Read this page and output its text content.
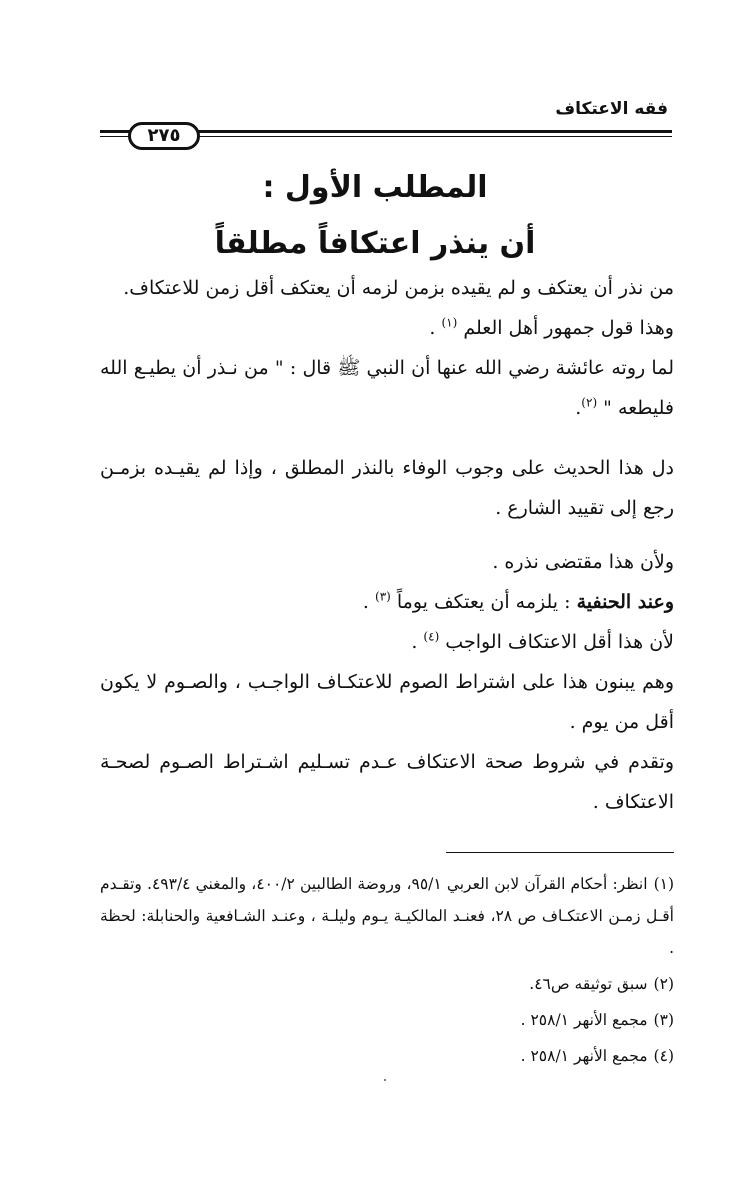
فقه الاعتكاف
٢٧٥
المطلب الأول :
أن ينذر اعتكافاً مطلقاً

من نذر أن يعتكف و لم يقيده بزمن لزمه أن يعتكف أقل زمن للاعتكاف.

وهذا قول جمهور أهل العلم $^{(١)}$ .

لما روته عائشة رضي الله عنها أن النبي ﷺ قال : " من نـذر أن يطيـع الله فليطعه " $^{(٢)}$.

دل هذا الحديث على وجوب الوفاء بالنذر المطلق ، وإذا لم يقيـده بزمـن رجع إلى تقييد الشارع .

ولأن هذا مقتضى نذره .

وعند الحنفية : يلزمه أن يعتكف يوماً $^{(٣)}$ .

لأن هذا أقل الاعتكاف الواجب $^{(٤)}$ .

وهم يبنون هذا على اشتراط الصوم للاعتكـاف الواجـب ، والصـوم لا يكون أقل من يوم .

وتقدم في شروط صحة الاعتكاف عـدم تسـليم اشـتراط الصـوم لصحـة الاعتكاف .

(١)انظر: أحكام القرآن لابن العربي ٩٥/١، وروضة الطالبين ٤٠٠/٢، والمغني ٤٩٣/٤. وتقـدم أقـل زمـن الاعتكـاف ص ٢٨، فعنـد المالكيـة يـوم وليلـة ، وعنـد الشـافعية والحنابلة: لحظة .

(٢)سبق توثيقه ص٤٦.

(٣)مجمع الأنهر ٢٥٨/١ .

(٤)مجمع الأنهر ٢٥٨/١ .
